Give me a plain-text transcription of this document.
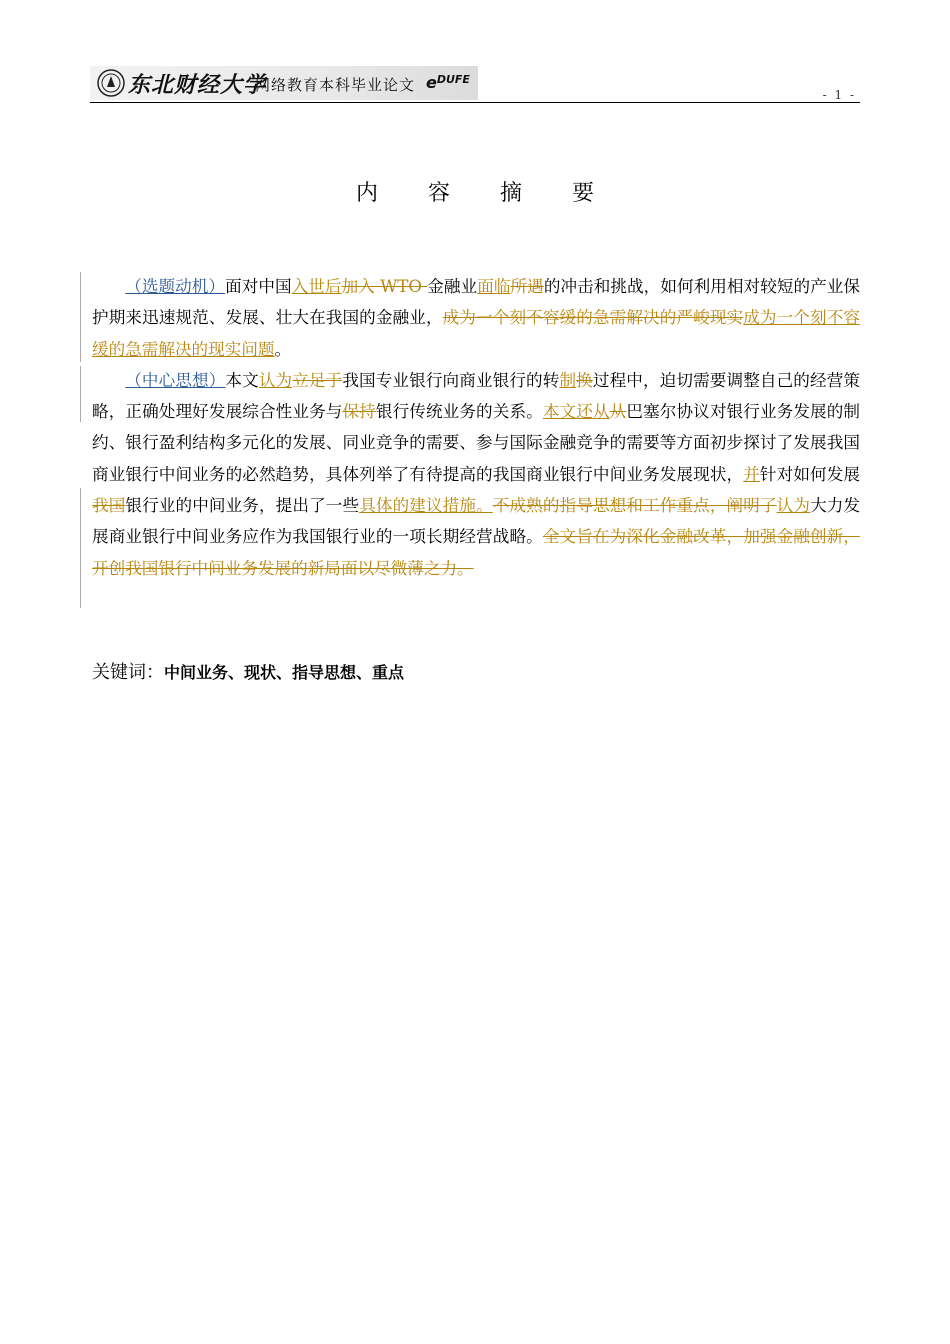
东北财经大学
网络教育本科毕业论文 eDUFE
- 1 -
内 容 摘 要

（选题动机）面对中国入世后加入 WTO 金融业面临所遇的冲击和挑战，如何利用相对较短的产业保护期来迅速规范、发展、壮大在我国的金融业，成为一个刻不容缓的急需解决的严峻现实成为一个刻不容缓的急需解决的现实问题。

（中心思想）本文认为立足于我国专业银行向商业银行的转制换过程中，迫切需要调整自己的经营策略，正确处理好发展综合性业务与保持银行传统业务的关系。本文还从从巴塞尔协议对银行业务发展的制约、银行盈利结构多元化的发展、同业竞争的需要、参与国际金融竞争的需要等方面初步探讨了发展我国商业银行中间业务的必然趋势，具体列举了有待提高的我国商业银行中间业务发展现状，并针对如何发展我国银行业的中间业务，提出了一些具体的建议措施。不成熟的指导思想和工作重点，阐明了认为大力发展商业银行中间业务应作为我国银行业的一项长期经营战略。全文旨在为深化金融改革，加强金融创新，开创我国银行中间业务发展的新局面以尽微薄之力。

关键词：中间业务、现状、指导思想、重点
